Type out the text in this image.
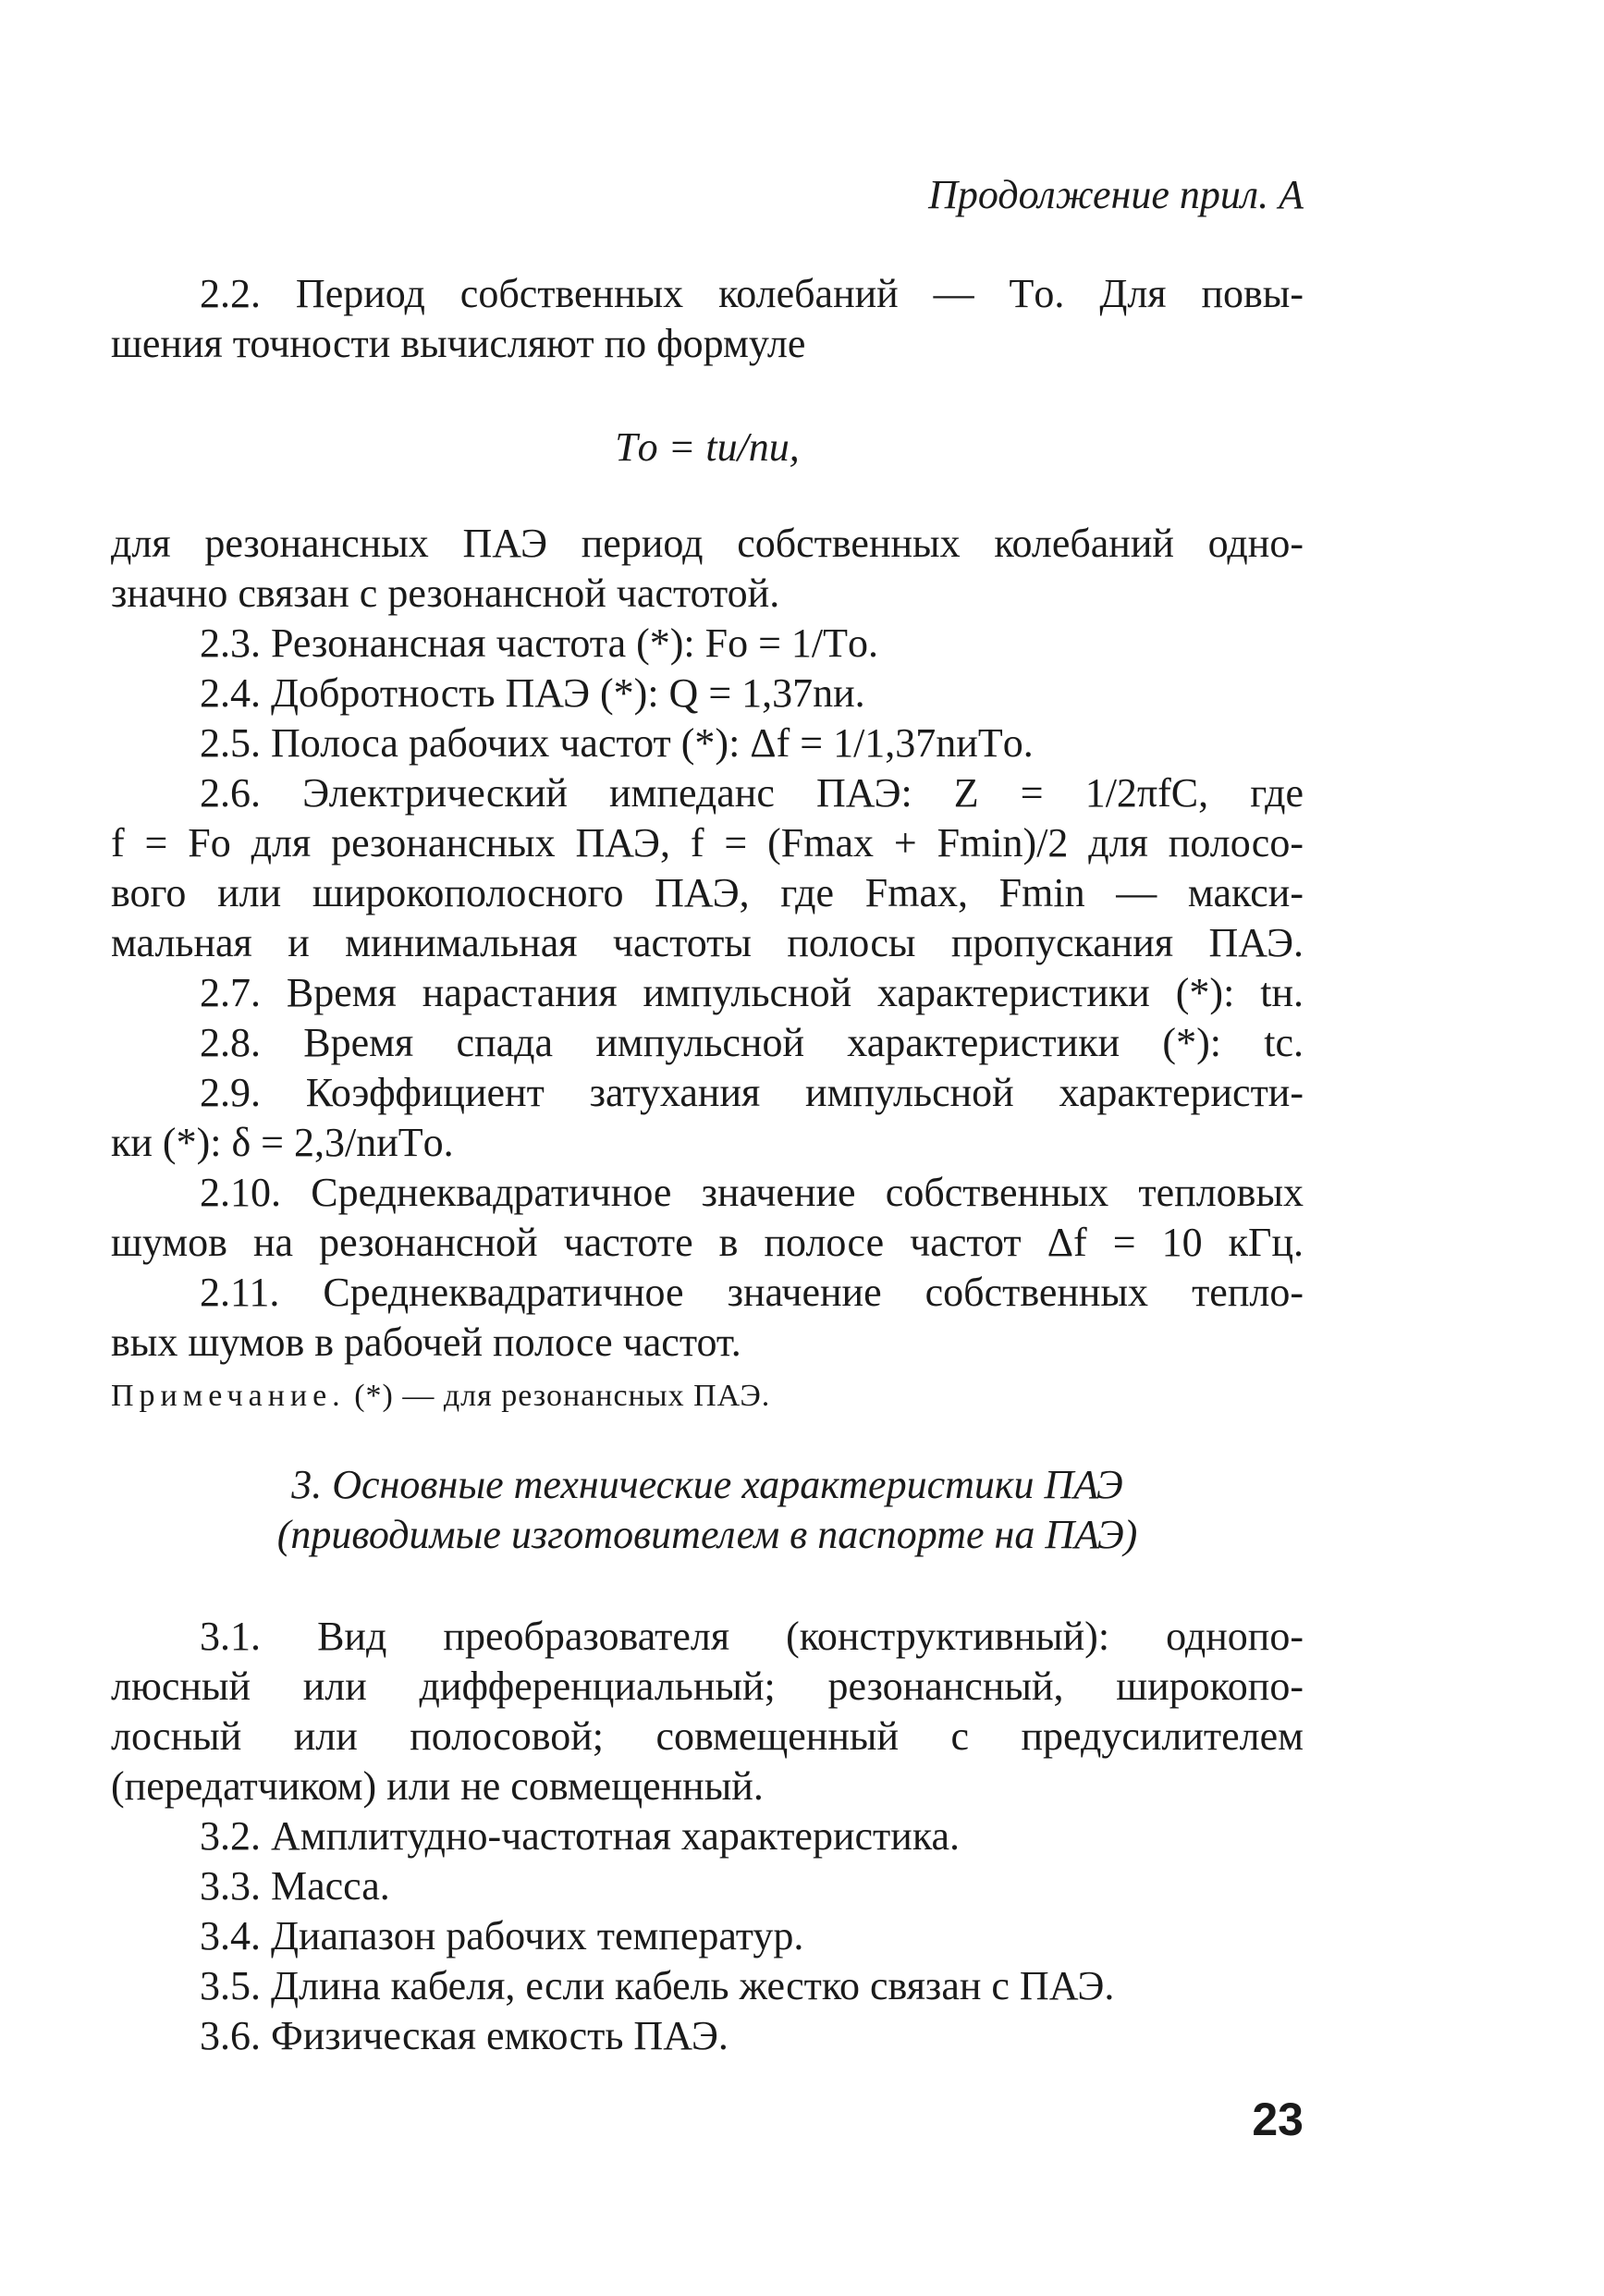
Продолжение прил. А
2.2. Период собственных колебаний — Tо. Для повы-
шения точности вычисляют по формуле
Tо = tи/nи,
для резонансных ПАЭ период собственных колебаний одно-
значно связан с резонансной частотой.
2.3. Резонансная частота (*): Fо = 1/Tо.
2.4. Добротность ПАЭ (*): Q = 1,37nи.
2.5. Полоса рабочих частот (*): Δf = 1/1,37nиTо.
2.6. Электрический импеданс ПАЭ: Z = 1/2πfC, где
f = Fо для резонансных ПАЭ, f = (Fmax + Fmin)/2 для полосо-
вого или широкополосного ПАЭ, где Fmax, Fmin — макси-
мальная и минимальная частоты полосы пропускания ПАЭ.
2.7. Время нарастания импульсной характеристики (*): tн.
2.8. Время спада импульсной характеристики (*): tс.
2.9. Коэффициент затухания импульсной характеристи-
ки (*): δ = 2,3/nиTо.
2.10. Среднеквадратичное значение собственных тепловых
шумов на резонансной частоте в полосе частот Δf = 10 кГц.
2.11. Среднеквадратичное значение собственных тепло-
вых шумов в рабочей полосе частот.
Примечание. (*) — для резонансных ПАЭ.
3. Основные технические характеристики ПАЭ
(приводимые изготовителем в паспорте на ПАЭ)
3.1. Вид преобразователя (конструктивный): однопо-
люсный или дифференциальный; резонансный, широкопо-
лосный или полосовой; совмещенный с предусилителем
(передатчиком) или не совмещенный.
3.2. Амплитудно-частотная характеристика.
3.3. Масса.
3.4. Диапазон рабочих температур.
3.5. Длина кабеля, если кабель жестко связан с ПАЭ.
3.6. Физическая емкость ПАЭ.
23
